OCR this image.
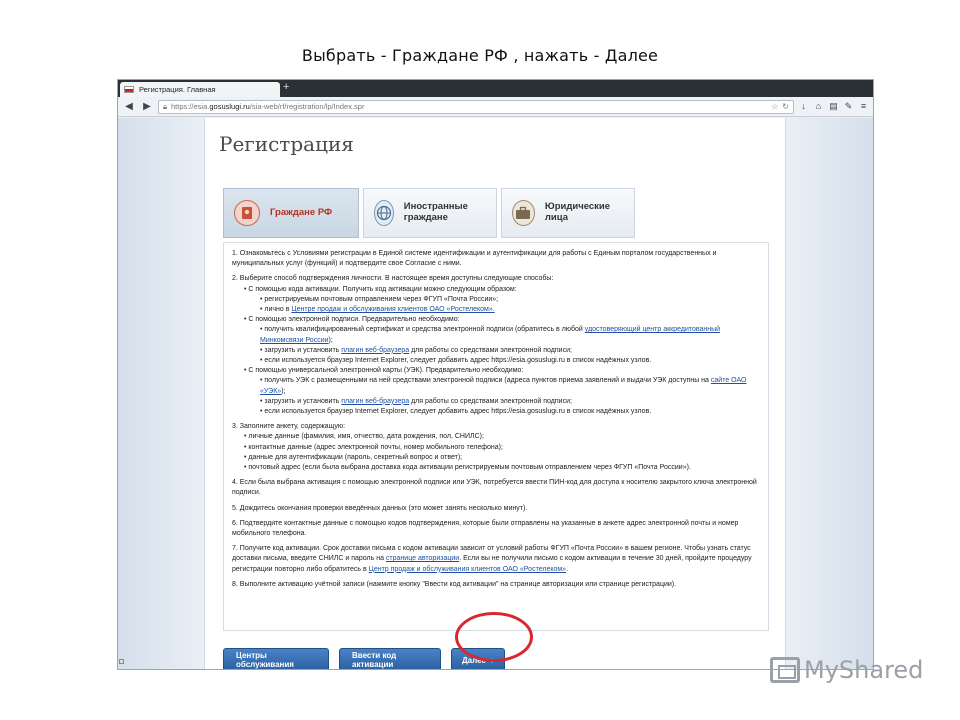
Выбрать - Граждане РФ , нажать - Далее
Регистрация. Главная	+
◀	▶	🔒︎ https://esia.gosuslugi.ru/sia-web/rf/registration/lp/Index.spr	☆ ↻	↓	⌂ ▤ ✎ ≡
Регистрация
Граждане РФ	Иностранные граждане
Юридические лица

1. Ознакомьтесь с Условиями регистрации в Единой системе идентификации и аутентификации для работы с Единым порталом государственных и муниципальных услуг (функций) и подтвердите свое Согласие с ними.

2. Выберите способ подтверждения личности. В настоящее время доступны следующие способы:

• С помощью кода активации. Получить код активации можно следующим образом:

• регистрируемым почтовым отправлением через ФГУП «Почта России»;

• лично в Центре продаж и обслуживания клиентов ОАО «Ростелеком».

• С помощью электронной подписи. Предварительно необходимо:

• получить квалифицированный сертификат и средства электронной подписи (обратитесь в любой удостоверяющий центр аккредитованный Минкомсвязи России);

• загрузить и установить плагин веб-браузера для работы со средствами электронной подписи;

• если используется браузер Internet Explorer, следует добавить адрес https://esia.gosuslugi.ru в список надёжных узлов.

• С помощью универсальной электронной карты (УЭК). Предварительно необходимо:

• получить УЭК с размещенными на ней средствами электронной подписи (адреса пунктов приема заявлений и выдачи УЭК доступны на сайте ОАО «УЭК»);

• загрузить и установить плагин веб-браузера для работы со средствами электронной подписи;

• если используется браузер Internet Explorer, следует добавить адрес https://esia.gosuslugi.ru в список надёжных узлов.

3. Заполните анкету, содержащую:

• личные данные (фамилия, имя, отчество, дата рождения, пол, СНИЛС);

• контактные данные (адрес электронной почты, номер мобильного телефона);

• данные для аутентификации (пароль, секретный вопрос и ответ);

• почтовый адрес (если была выбрана доставка кода активации регистрируемым почтовым отправлением через ФГУП «Почта России»).

4. Если была выбрана активация с помощью электронной подписи или УЭК, потребуется ввести ПИН-код для доступа к носителю закрытого ключа электронной подписи.

5. Дождитесь окончания проверки введённых данных (это может занять несколько минут).

6. Подтвердите контактные данные с помощью кодов подтверждения, которые были отправлены на указанные в анкете адрес электронной почты и номер мобильного телефона.

7. Получите код активации. Срок доставки письма с кодом активации зависит от условий работы ФГУП «Почта России» в вашем регионе. Чтобы узнать статус доставки письма, введите СНИЛС и пароль на странице авторизации. Если вы не получили письмо с кодом активации в течение 30 дней, пройдите процедуру регистрации повторно либо обратитесь в Центр продаж и обслуживания клиентов ОАО «Ростелеком».

8. Выполните активацию учётной записи (нажмите кнопку "Ввести код активации" на странице авторизации или странице регистрации).

Центры обслуживания
Ввести код активации	Далее ›	MyShared
